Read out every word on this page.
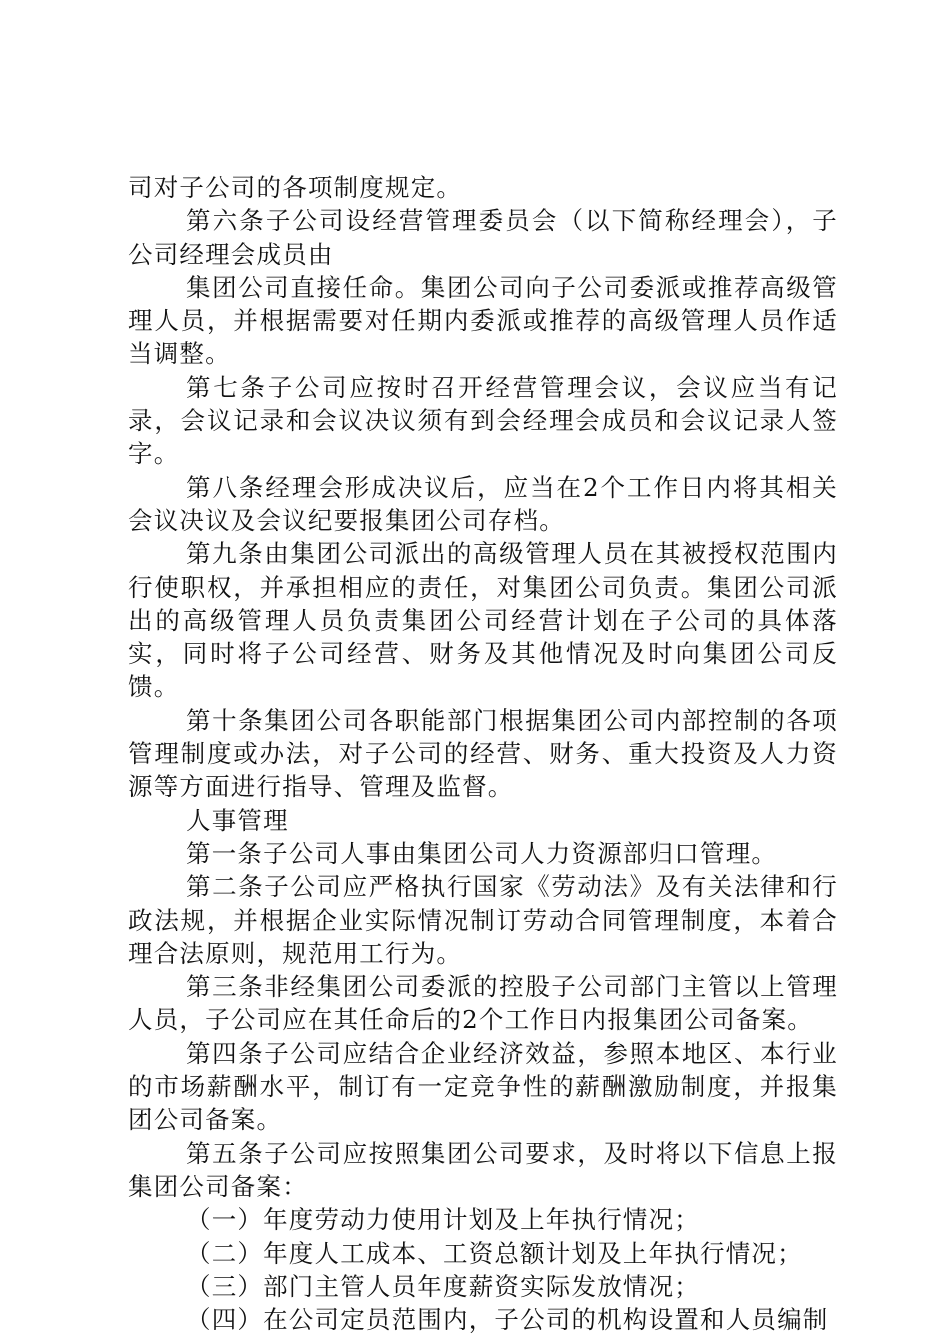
司对子公司的各项制度规定。

第六条子公司设经营管理委员会（以下简称经理会），子公司经理会成员由

集团公司直接任命。集团公司向子公司委派或推荐高级管理人员，并根据需要对任期内委派或推荐的高级管理人员作适当调整。

第七条子公司应按时召开经营管理会议，会议应当有记录，会议记录和会议决议须有到会经理会成员和会议记录人签字。

第八条经理会形成决议后，应当在2个工作日内将其相关会议决议及会议纪要报集团公司存档。

第九条由集团公司派出的高级管理人员在其被授权范围内行使职权，并承担相应的责任，对集团公司负责。集团公司派出的高级管理人员负责集团公司经营计划在子公司的具体落实，同时将子公司经营、财务及其他情况及时向集团公司反馈。

第十条集团公司各职能部门根据集团公司内部控制的各项管理制度或办法，对子公司的经营、财务、重大投资及人力资源等方面进行指导、管理及监督。

人事管理

第一条子公司人事由集团公司人力资源部归口管理。

第二条子公司应严格执行国家《劳动法》及有关法律和行政法规，并根据企业实际情况制订劳动合同管理制度，本着合理合法原则，规范用工行为。

第三条非经集团公司委派的控股子公司部门主管以上管理人员，子公司应在其任命后的2个工作日内报集团公司备案。

第四条子公司应结合企业经济效益，参照本地区、本行业的市场薪酬水平，制订有一定竞争性的薪酬激励制度，并报集团公司备案。

第五条子公司应按照集团公司要求，及时将以下信息上报集团公司备案：

（一）年度劳动力使用计划及上年执行情况；

（二）年度人工成本、工资总额计划及上年执行情况；

（三）部门主管人员年度薪资实际发放情况；

（四）在公司定员范围内，子公司的机构设置和人员编制
